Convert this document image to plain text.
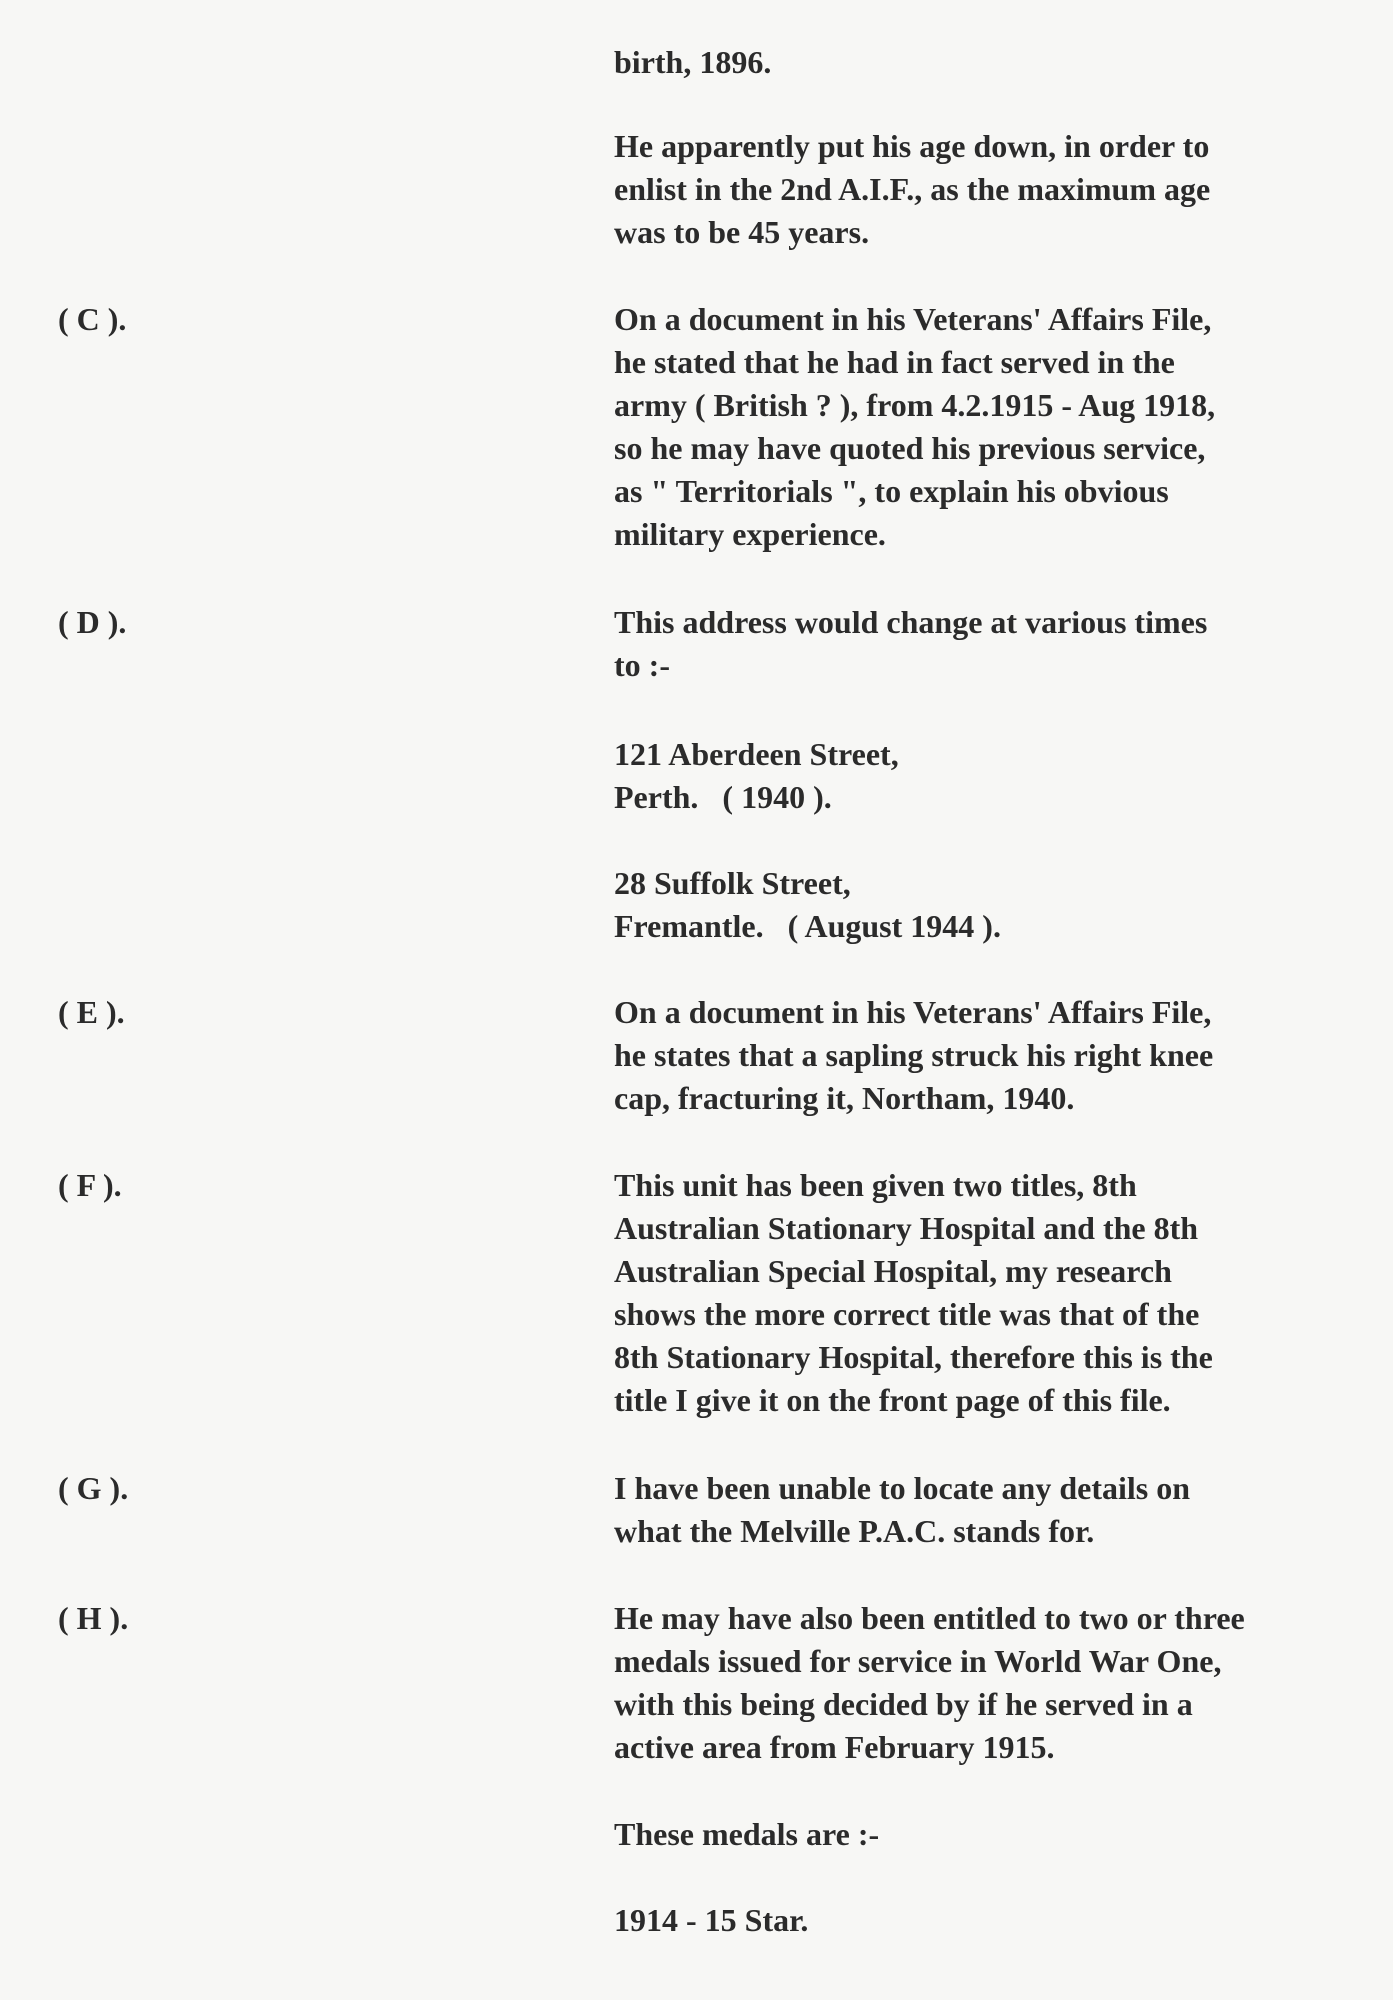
birth, 1896.
He apparently put his age down, in order to
enlist in the 2nd A.I.F., as the maximum age
was to be 45 years.
( C ).	On a document in his Veterans' Affairs File,
he stated that he had in fact served in the
army ( British ? ), from 4.2.1915 - Aug 1918,
so he may have quoted his previous service,
as " Territorials ", to explain his obvious
military experience.
( D ).	This address would change at various times
to :-
121 Aberdeen Street,
Perth.   ( 1940 ).
28 Suffolk Street,
Fremantle.   ( August 1944 ).
( E ).	On a document in his Veterans' Affairs File,
he states that a sapling struck his right knee
cap, fracturing it, Northam, 1940.
( F ).	This unit has been given two titles, 8th
Australian Stationary Hospital and the 8th
Australian Special Hospital, my research
shows the more correct title was that of the
8th Stationary Hospital, therefore this is the
title I give it on the front page of this file.
( G ).	I have been unable to locate any details on
what the Melville P.A.C. stands for.
( H ).	He may have also been entitled to two or three
medals issued for service in World War One,
with this being decided by if he served in a
active area from February 1915.
These medals are :-
1914 - 15 Star.
